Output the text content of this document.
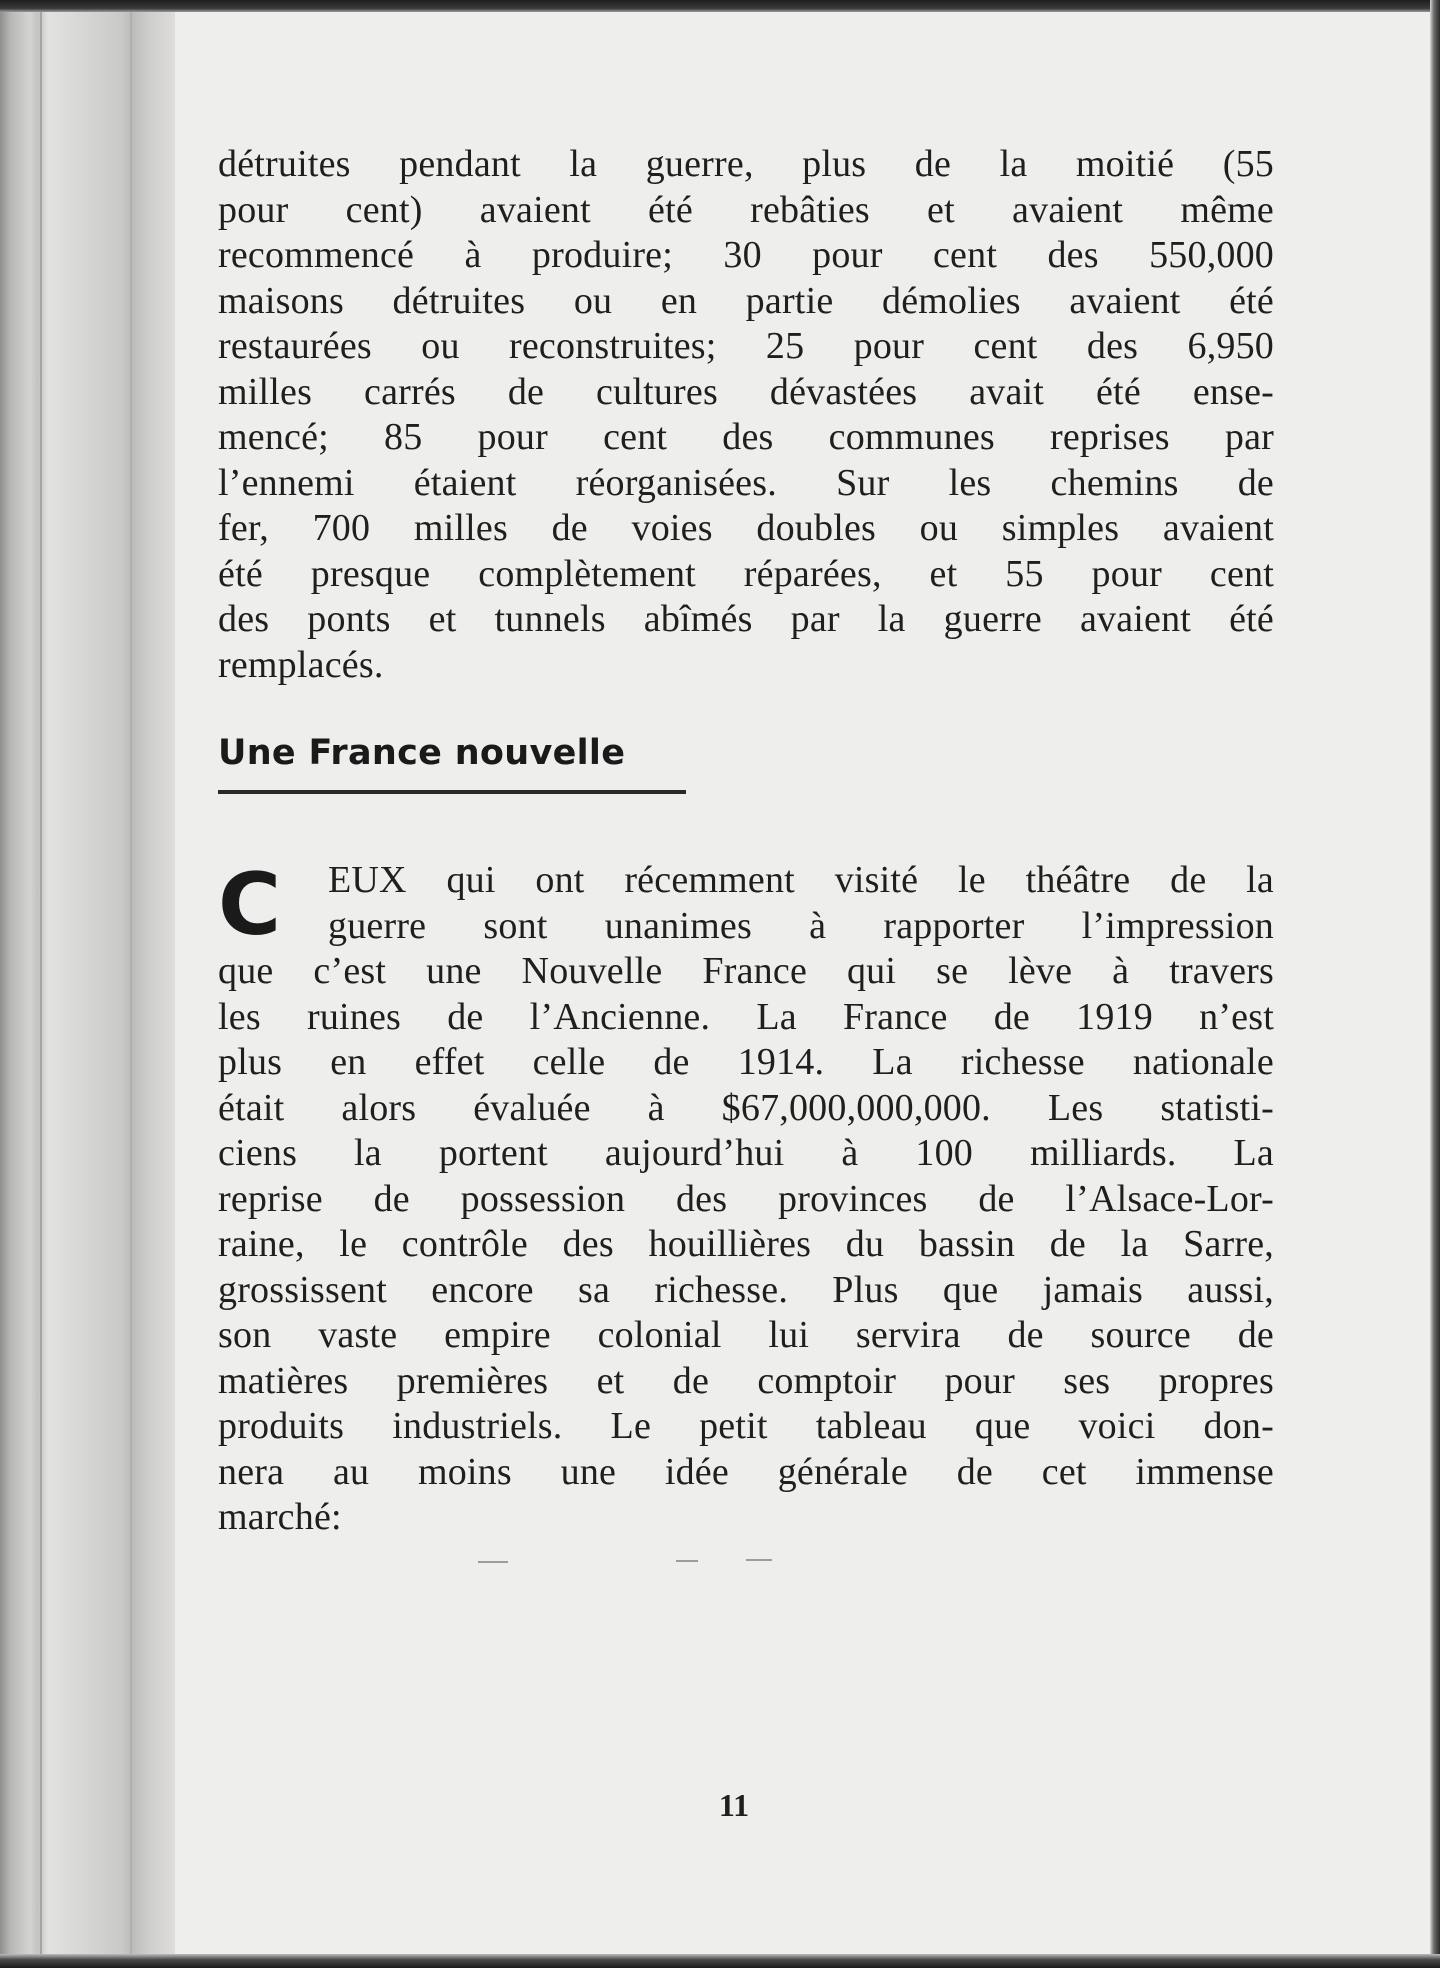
détruites pendant la guerre, plus de la moitié (55
pour cent) avaient été rebâties et avaient même
recommencé à produire; 30 pour cent des 550,000
maisons détruites ou en partie démolies avaient été
restaurées ou reconstruites; 25 pour cent des 6,950
milles carrés de cultures dévastées avait été ense-
mencé; 85 pour cent des communes reprises par
l’ennemi étaient réorganisées. Sur les chemins de
fer, 700 milles de voies doubles ou simples avaient
été presque complètement réparées, et 55 pour cent
des ponts et tunnels abîmés par la guerre avaient été
remplacés.
Une France nouvelle
C	EUX qui ont récemment visité le théâtre de la
guerre sont unanimes à rapporter l’impression
que c’est une Nouvelle France qui se lève à travers
les ruines de l’Ancienne. La France de 1919 n’est
plus en effet celle de 1914. La richesse nationale
était alors évaluée à $67,000,000,000. Les statisti-
ciens la portent aujourd’hui à 100 milliards. La
reprise de possession des provinces de l’Alsace-Lor-
raine, le contrôle des houillières du bassin de la Sarre,
grossissent encore sa richesse. Plus que jamais aussi,
son vaste empire colonial lui servira de source de
matières premières et de comptoir pour ses propres
produits industriels. Le petit tableau que voici don-
nera au moins une idée générale de cet immense
marché:
11
